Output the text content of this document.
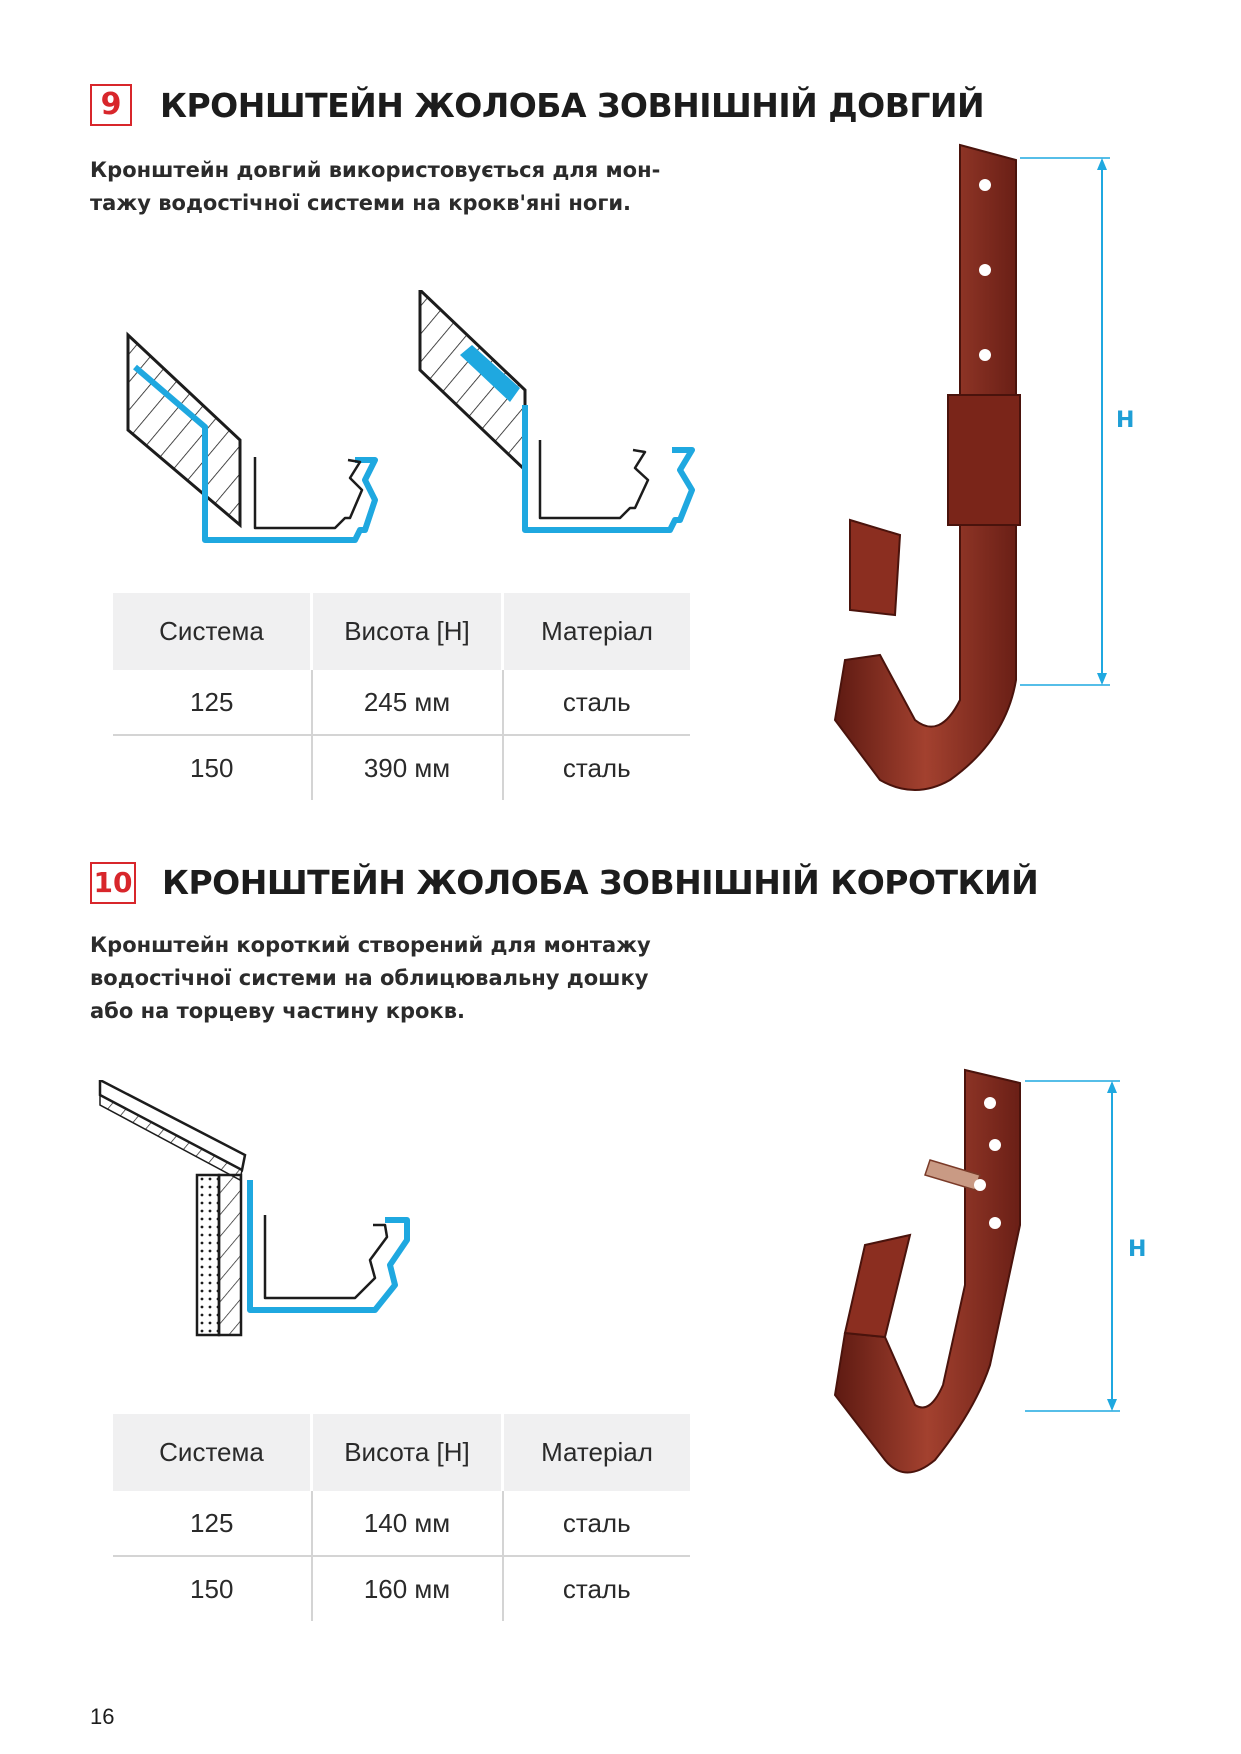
9	КРОНШТЕЙН ЖОЛОБА ЗОВНІШНІЙ ДОВГИЙ
Кронштейн довгий використовується для мон-
тажу водостічної системи на крокв'яні ноги.
Система	Висота [H]	Матеріал
125	245 мм	сталь
150	390 мм	сталь
H
10 КРОНШТЕЙН ЖОЛОБА ЗОВНІШНІЙ КОРОТКИЙ
Кронштейн короткий створений для монтажу
водостічної системи на облицювальну дошку
або на торцеву частину крокв.
Система	Висота [H]	Матеріал
125	140 мм	сталь
150	160 мм	сталь
H
16
